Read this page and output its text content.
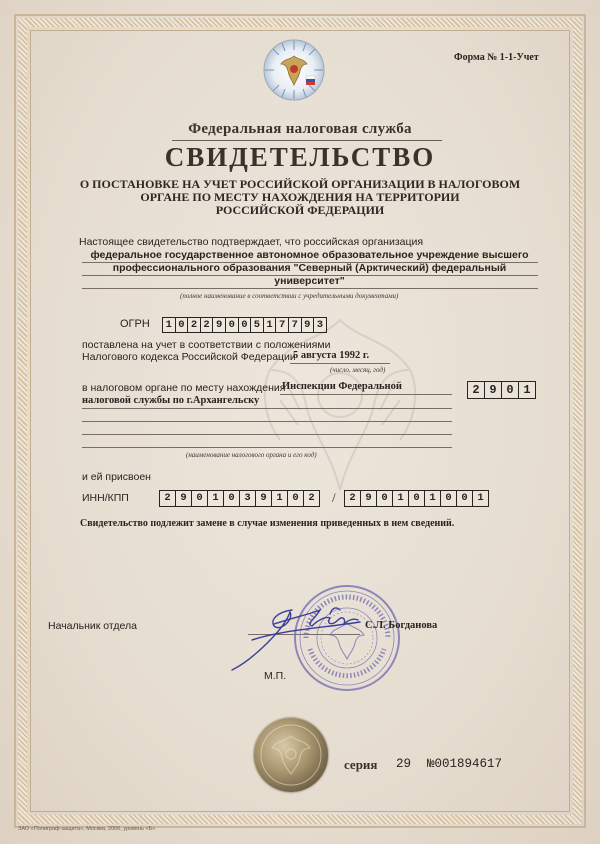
Форма № 1-1-Учет
Федеральная налоговая служба
СВИДЕТЕЛЬСТВО
О ПОСТАНОВКЕ НА УЧЕТ РОССИЙСКОЙ ОРГАНИЗАЦИИ В НАЛОГОВОМ
ОРГАНЕ ПО МЕСТУ НАХОЖДЕНИЯ НА ТЕРРИТОРИИ
РОССИЙСКОЙ ФЕДЕРАЦИИ
Настоящее свидетельство подтверждает, что российская организация
федеральное государственное автономное образовательное учреждение высшего
профессионального образования "Северный (Арктический) федеральный университет"
(полное наименование в соответствии с учредительными документами)
ОГРН	1 0 2 2 9 0 0 5 1 7 7 9 3
поставлена на учет в соответствии с положениями
Налогового кодекса Российской Федерации
5 августа 1992 г.
(число, месяц, год)
в налоговом органе по месту нахождения
Инспекции Федеральной
налоговой службы по г.Архангельску
(наименование налогового органа и его код)
2 9 0 1
и ей присвоен
ИНН/КПП	2 9 0 1 0 3 9 1 0 2	/	2 9 0 1 0 1 0 0 1
Свидетельство подлежит замене в случае изменения приведенных в нем сведений.
Начальник отдела	С.Л. Богданова
М.П.
серия 29 №001894617
ЗАО «Полиграф-защита», Москва, 2006, уровень «Б»
